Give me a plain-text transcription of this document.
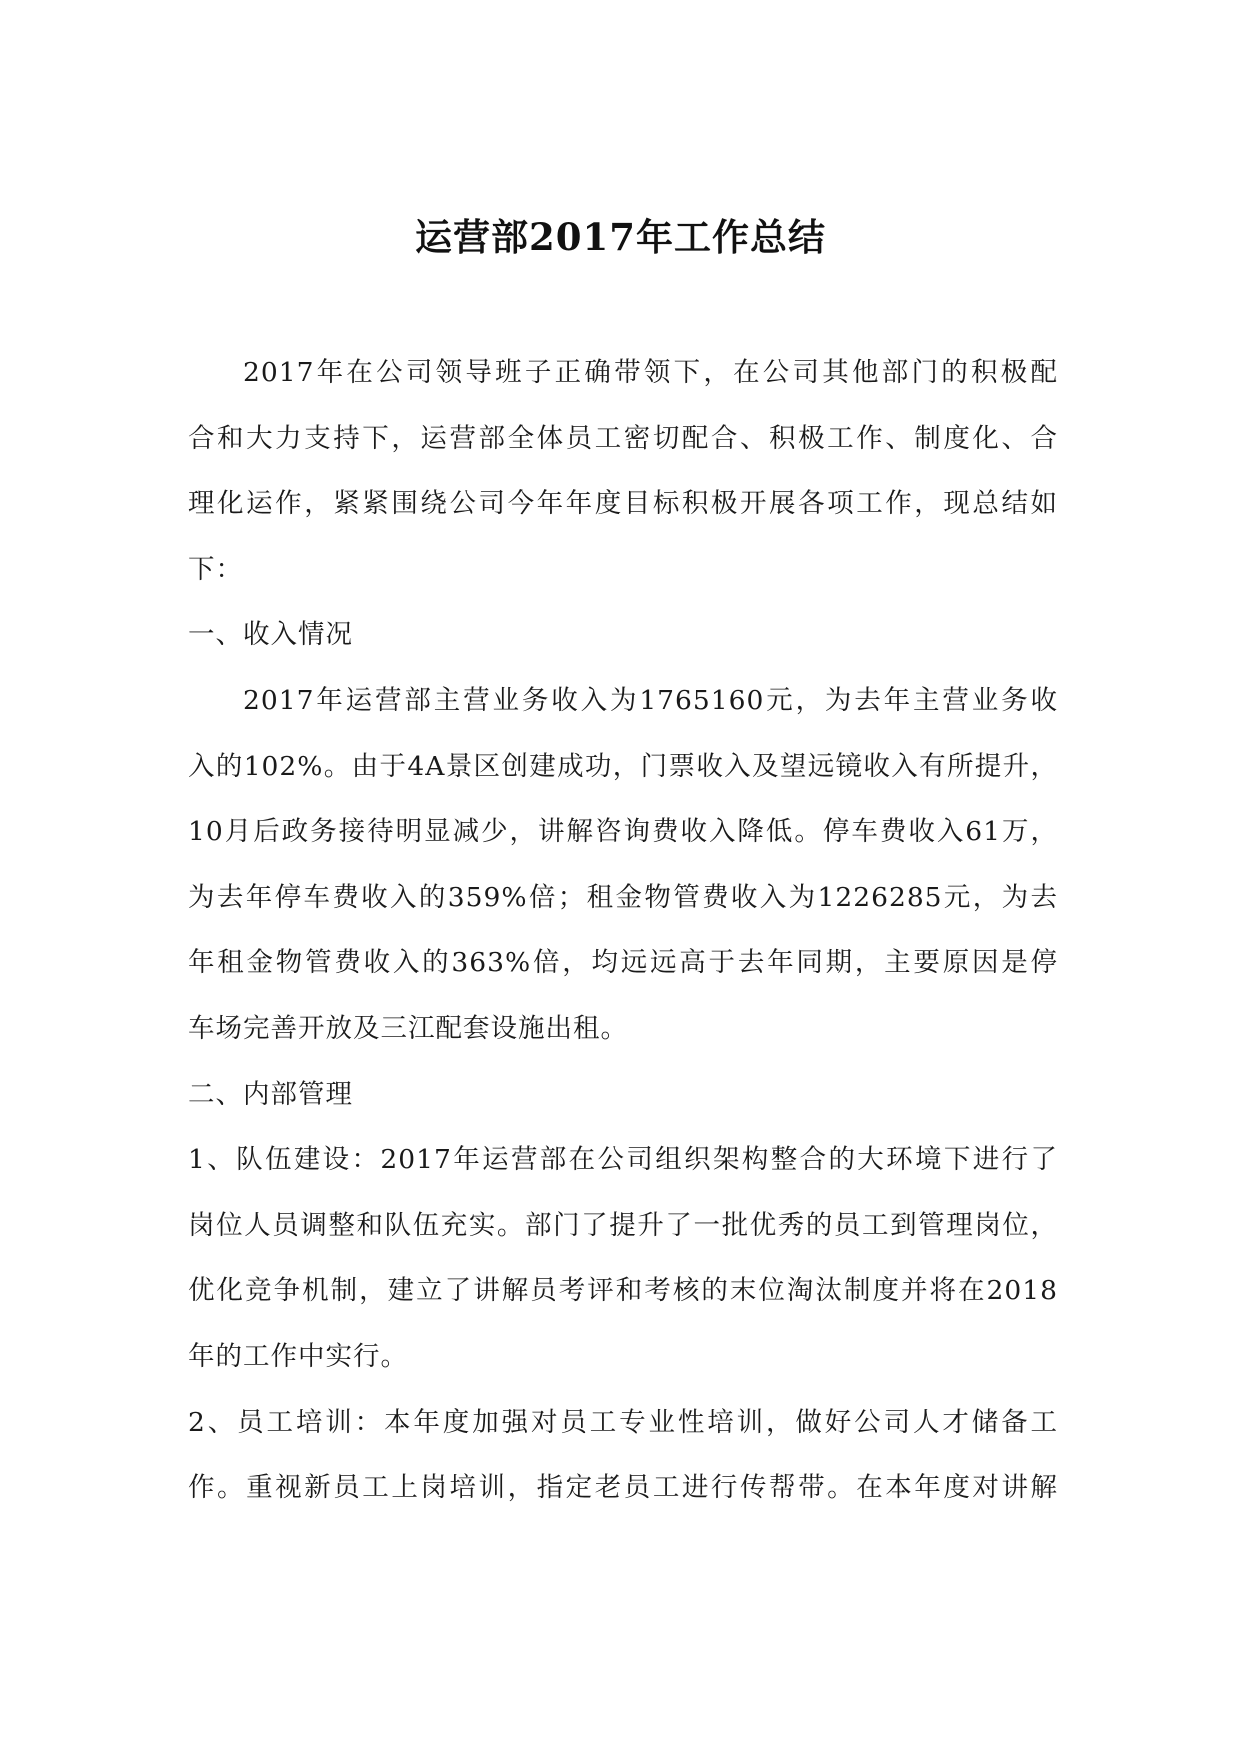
运营部2017年工作总结
2017年在公司领导班子正确带领下，在公司其他部门的积极配
合和大力支持下，运营部全体员工密切配合、积极工作、制度化、合
理化运作，紧紧围绕公司今年年度目标积极开展各项工作，现总结如
下：
一、收入情况
2017年运营部主营业务收入为1765160元，为去年主营业务收
入的102%。由于4A景区创建成功，门票收入及望远镜收入有所提升，
10月后政务接待明显减少，讲解咨询费收入降低。停车费收入61万，
为去年停车费收入的359%倍；租金物管费收入为1226285元，为去
年租金物管费收入的363%倍，均远远高于去年同期，主要原因是停
车场完善开放及三江配套设施出租。
二、内部管理
1、队伍建设：2017年运营部在公司组织架构整合的大环境下进行了
岗位人员调整和队伍充实。部门了提升了一批优秀的员工到管理岗位，
优化竞争机制，建立了讲解员考评和考核的末位淘汰制度并将在2018
年的工作中实行。
2、员工培训：本年度加强对员工专业性培训，做好公司人才储备工
作。重视新员工上岗培训，指定老员工进行传帮带。在本年度对讲解
